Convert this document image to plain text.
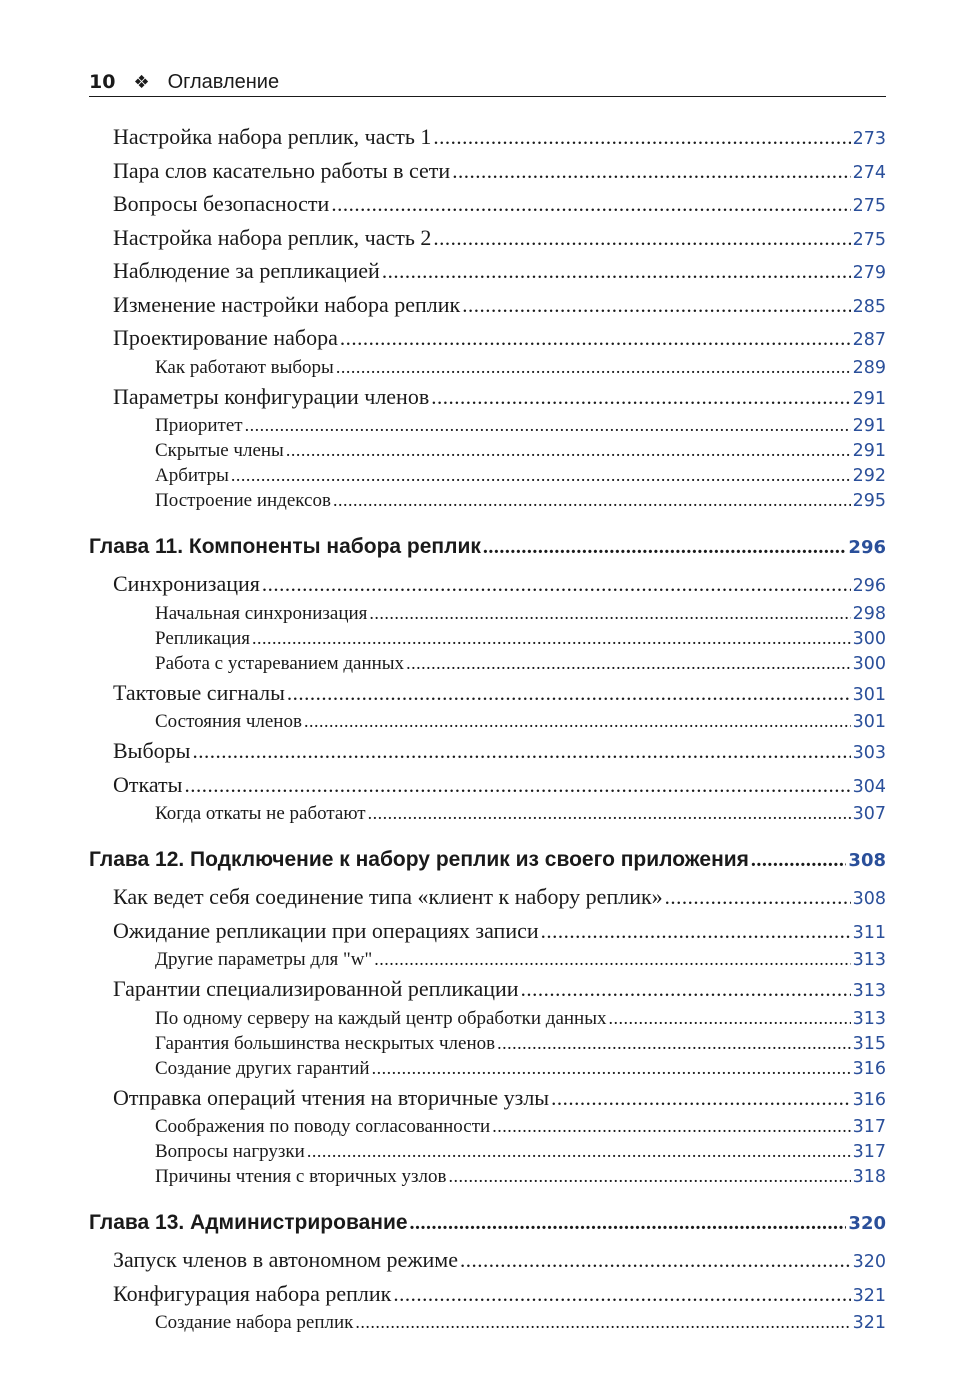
10 ❖ Оглавление
Настройка набора реплик, часть 1 .....	273
Пара слов касательно работы в сети .....	274
Вопросы безопасности .....	275
Настройка набора реплик, часть 2 .....	275
Наблюдение за репликацией .....	279
Изменение настройки набора реплик .....	285
Проектирование набора .....	287
Как работают выборы .....	289
Параметры конфигурации членов .....	291
Приоритет .....	291
Скрытые члены .....	291
Арбитры .....	292
Построение индексов .....	295
Глава 11. Компоненты набора реплик .....	296
Синхронизация .....	296
Начальная синхронизация .....	298
Репликация .....	300
Работа с устареванием данных .....	300
Тактовые сигналы .....	301
Состояния членов .....	301
Выборы .....	303
Откаты .....	304
Когда откаты не работают .....	307
Глава 12. Подключение к набору реплик из своего приложения .....	308
Как ведет себя соединение типа «клиент к набору реплик» .....	308
Ожидание репликации при операциях записи .....	311
Другие параметры для "w" .....	313
Гарантии специализированной репликации .....	313
По одному серверу на каждый центр обработки данных .....	313
Гарантия большинства нескрытых членов .....	315
Создание других гарантий .....	316
Отправка операций чтения на вторичные узлы .....	316
Соображения по поводу согласованности .....	317
Вопросы нагрузки .....	317
Причины чтения с вторичных узлов .....	318
Глава 13. Администрирование .....	320
Запуск членов в автономном режиме .....	320
Конфигурация набора реплик .....	321
Создание набора реплик .....	321
